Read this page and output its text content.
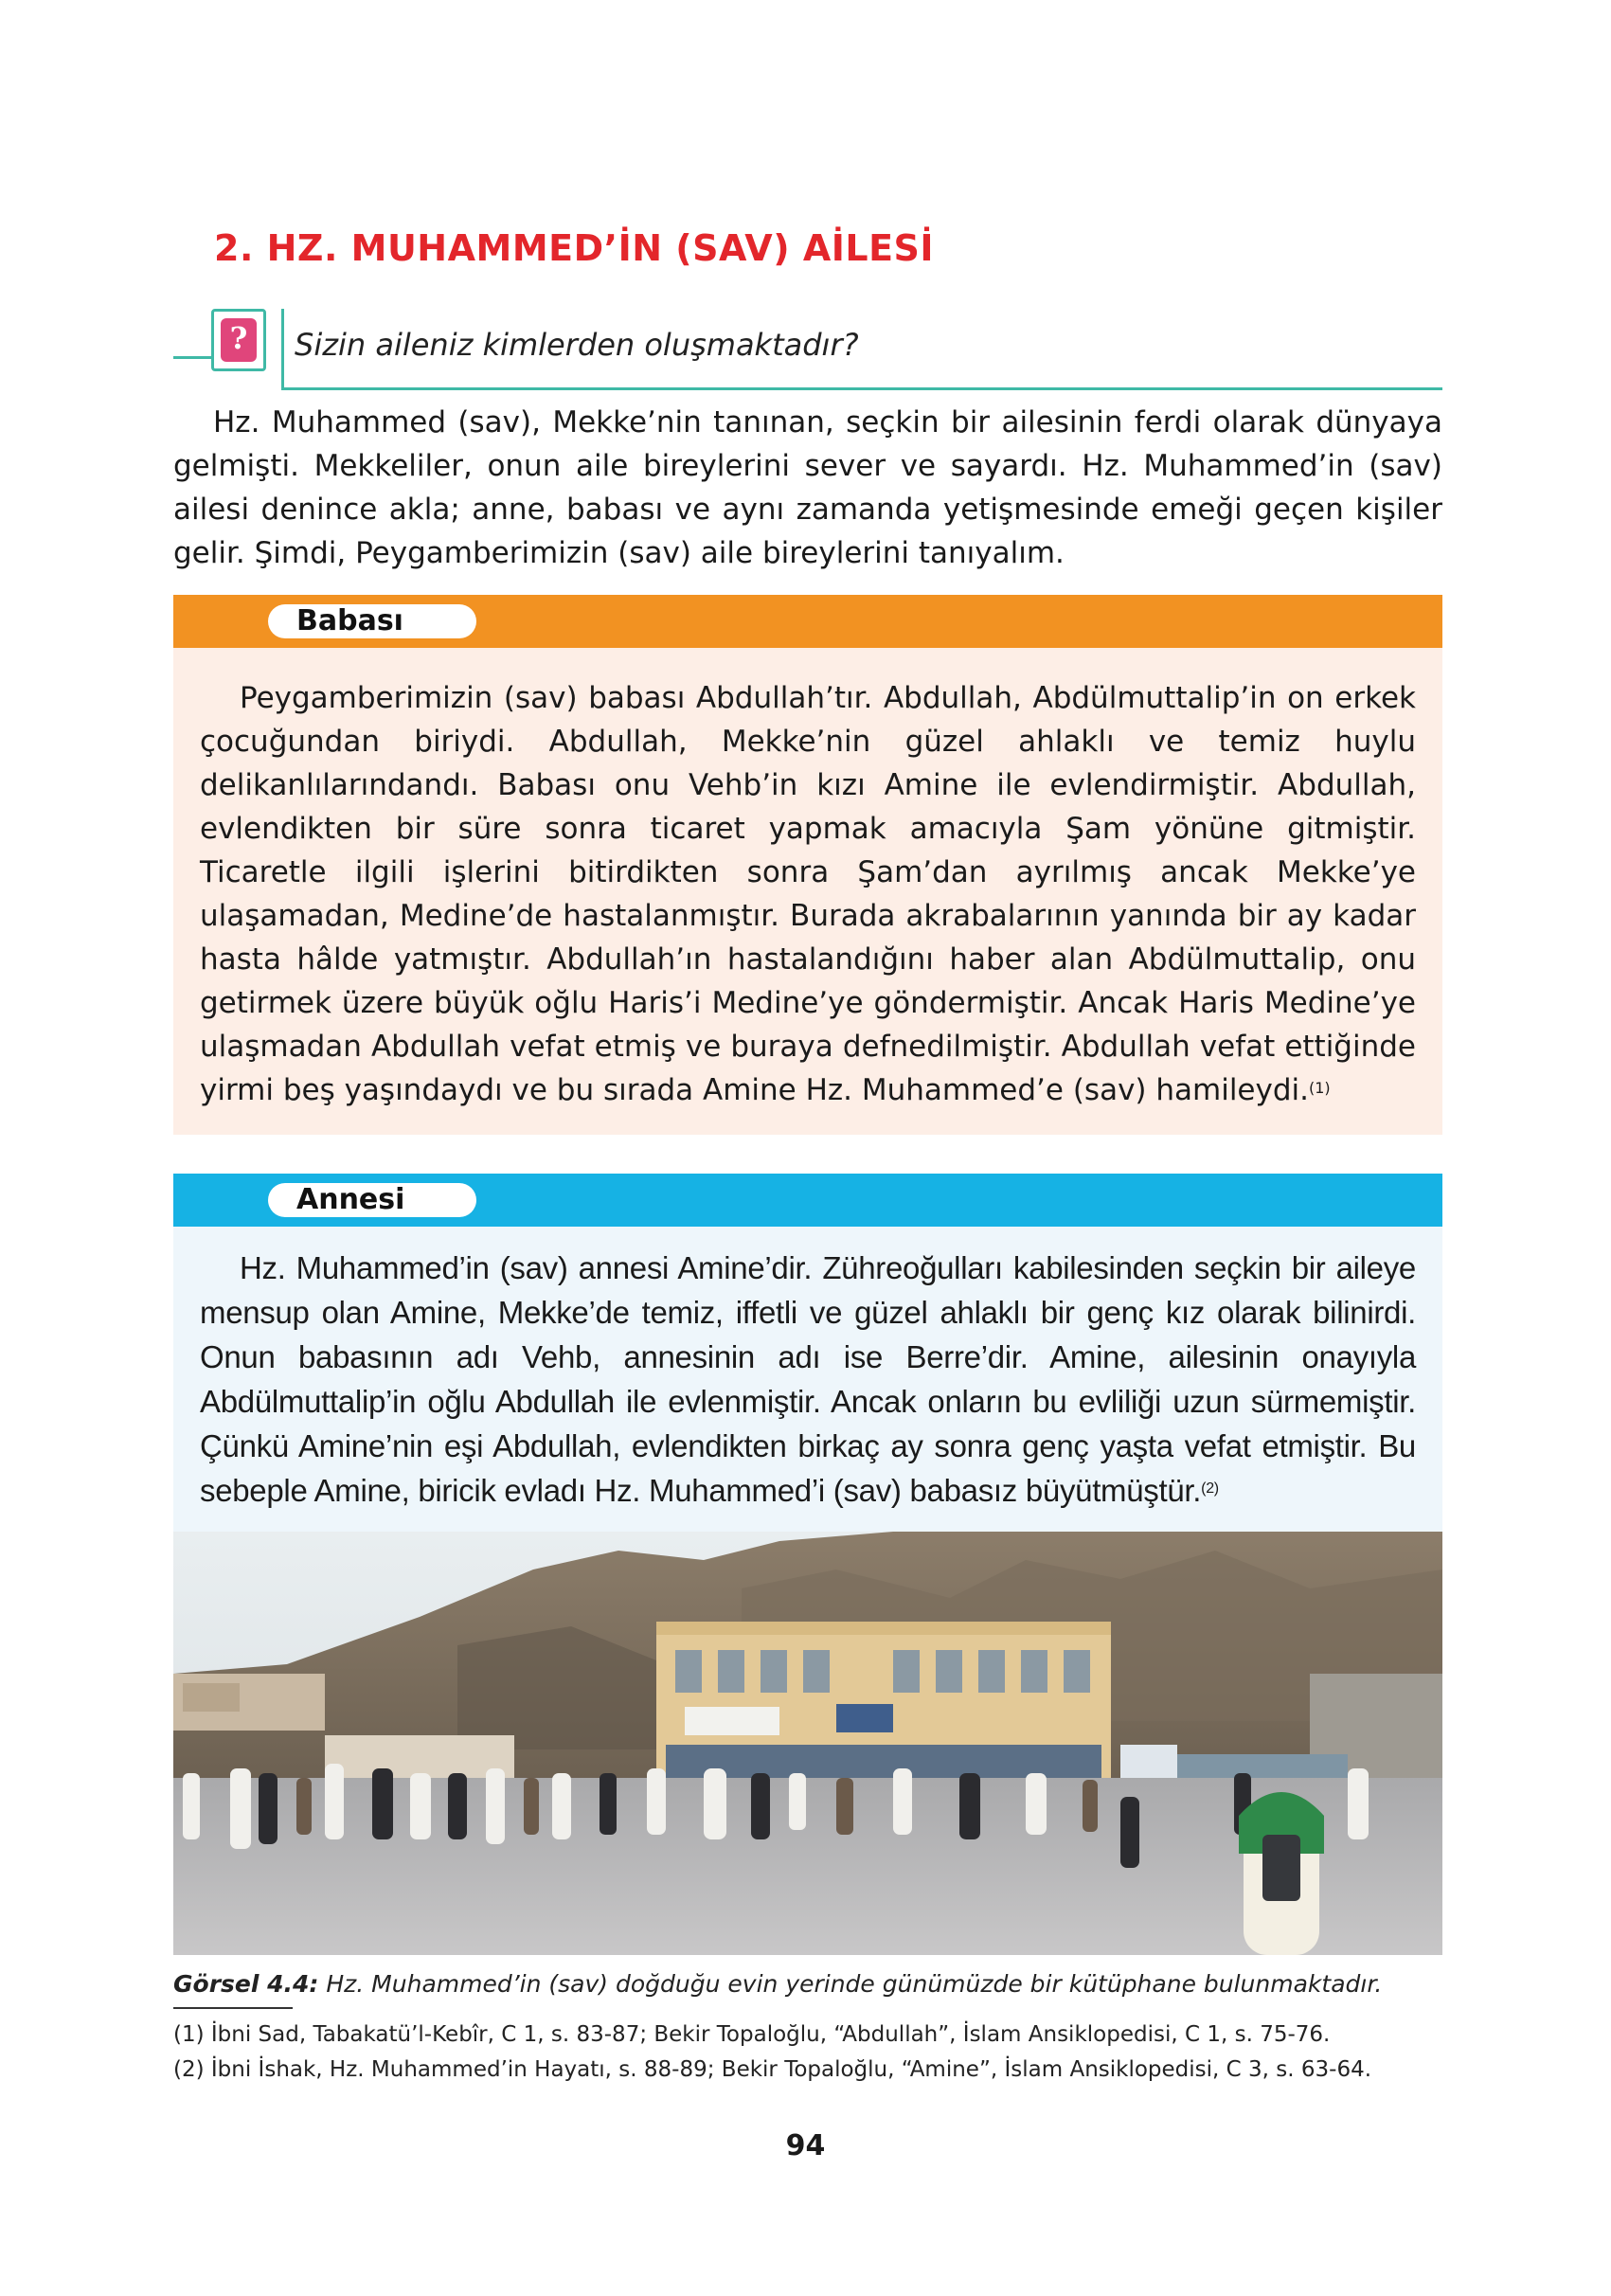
2. HZ. MUHAMMED’İN (SAV) AİLESİ
?	Sizin aileniz kimlerden oluşmaktadır?

Hz. Muhammed (sav), Mekke’nin tanınan, seçkin bir ailesinin ferdi olarak dünyaya gelmişti. Mekkeliler, onun aile bireylerini sever ve sayardı. Hz. Muhammed’in (sav) ailesi denince akla; anne, babası ve aynı zamanda yetişmesinde emeği geçen kişiler gelir. Şimdi, Peygamberimizin (sav) aile bireylerini tanıyalım.

Babası

Peygamberimizin (sav) babası Abdullah’tır. Abdullah, Abdülmuttalip’in on erkek çocuğundan biriydi. Abdullah, Mekke’nin güzel ahlaklı ve temiz huylu delikanlılarındandı. Babası onu Vehb’in kızı Amine ile evlendirmiştir. Abdullah, evlendikten bir süre sonra ticaret yapmak amacıyla Şam yönüne gitmiştir. Ticaretle ilgili işlerini bitirdikten sonra Şam’dan ayrılmış ancak Mekke’ye ulaşamadan, Medine’de hastalanmıştır. Burada akrabalarının yanında bir ay kadar hasta hâlde yatmıştır. Abdullah’ın hastalandığını haber alan Abdülmuttalip, onu getirmek üzere büyük oğlu Haris’i Medine’ye göndermiştir. Ancak Haris Medine’ye ulaşmadan Abdullah vefat etmiş ve buraya defnedilmiştir. Abdullah vefat ettiğinde yirmi beş yaşındaydı ve bu sırada Amine Hz. Muhammed’e (sav) hamileydi.$^{(1)}$

Annesi

Hz. Muhammed’in (sav) annesi Amine’dir. Zühreoğulları kabilesinden seçkin bir aileye mensup olan Amine, Mekke’de temiz, iffetli ve güzel ahlaklı bir genç kız olarak bilinirdi. Onun babasının adı Vehb, annesinin adı ise Berre’dir. Amine, ailesinin onayıyla Abdülmuttalip’in oğlu Abdullah ile evlenmiştir. Ancak onların bu evliliği uzun sürmemiştir. Çünkü Amine’nin eşi Abdullah, evlendikten birkaç ay sonra genç yaşta vefat etmiştir. Bu sebeple Amine, biricik evladı Hz. Muhammed’i (sav) babasız büyütmüştür.$^{(2)}$

Görsel 4.4: Hz. Muhammed’in (sav) doğduğu evin yerinde günümüzde bir kütüphane bulunmaktadır.
(1) İbni Sad, Tabakatü’l-Kebîr, C 1, s. 83-87; Bekir Topaloğlu, “Abdullah”, İslam Ansiklopedisi, C 1, s. 75-76.
(2) İbni İshak, Hz. Muhammed’in Hayatı, s. 88-89; Bekir Topaloğlu, “Amine”, İslam Ansiklopedisi, C 3, s. 63-64.
94
